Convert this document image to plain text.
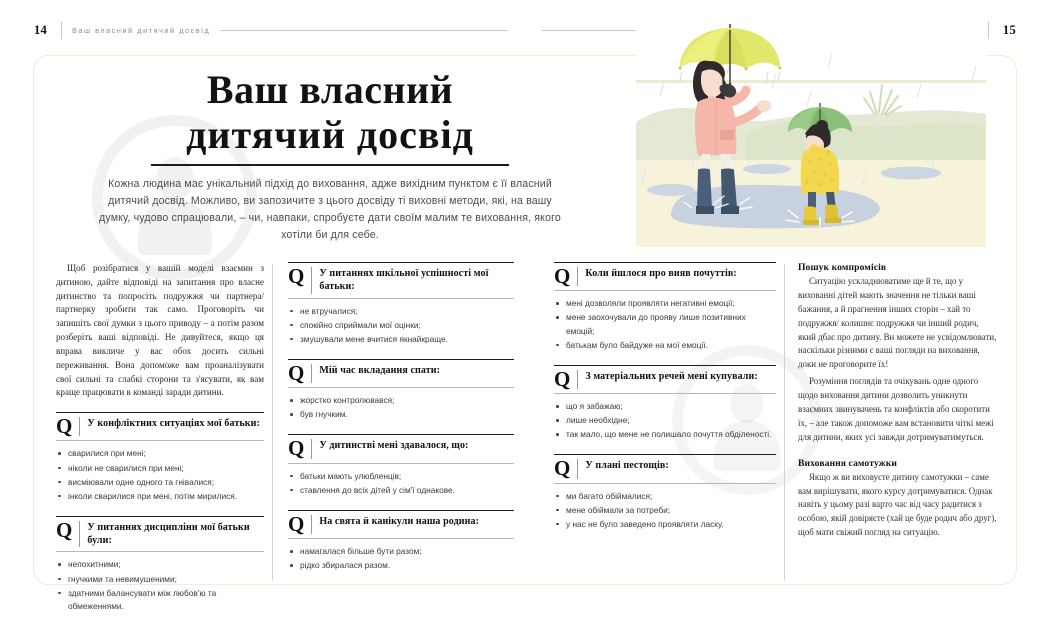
14	Ваш власний дитячий досвід	15
Ваш власний
дитячий досвід
Кожна людина має унікальний підхід до виховання, адже вихідним пунктом є її власний дитячий досвід. Можливо, ви запозичите з цього досвіду ті виховні методи, які, на вашу думку, чудово спрацювали, – чи, навпаки, спробуєте дати своїм малим те виховання, якого хотіли би для себе.

Щоб розібратися у вашій моделі взаємин з дитиною, дайте відповіді на запитання про власне дитинство та попросіть подружжя чи партнера/партнерку зробити так само. Проговоріть чи запишіть свої думки з цього приводу – а потім разом розберіть ваші відповіді. Не дивуйтеся, якщо ця вправа викличе у вас обох досить сильні переживання. Вона допоможе вам проаналізувати свої сильні та слабкі сторони та з'ясувати, як вам краще працювати в команді заради дитини.

Q	У конфліктних ситуаціях мої батьки:
сварилися при мені;
ніколи не сварилися при мені;
висміювали одне одного та гнівалися;
інколи сварилися при мені, потім мирилися.
Q	У питаннях дисципліни мої батьки були:
непохитними;
гнучкими та невимушеними;
здатними балансувати між любов'ю та обмеженнями.
Q	У питаннях шкільної успішності мої батьки:
не втручалися;
спокійно сприймали мої оцінки;
змушували мене вчитися якнайкраще.
Q	Мій час вкладання спати:
жорстко контролювався;
був гнучким.
Q	У дитинстві мені здавалося, що:
батьки мають улюбленців;
ставлення до всіх дітей у сім'ї однакове.
Q	На свята й канікули наша родина:
намагалася більше бути разом;
рідко збиралася разом.
Q	Коли йшлося про вияв почуттів:
мені дозволяли проявляти негативні емоції;
мене заохочували до прояву лише позитивних емоцій;
батькам було байдуже на мої емоції.
Q	З матеріальних речей мені купували:
що я забажаю;
лише необхідне;
так мало, що мене не полишало почуття обділеності.
Q	У плані пестощів:
ми багато обіймалися;
мене обіймали за потреби;
у нас не було заведено проявляти ласку.
Пошук компромісів

Ситуацію ускладнюватиме ще й те, що у вихованні дітей мають значення не тільки ваші бажання, а й прагнення інших сторін – хай то подружжя/ колишнє подружжя чи інший родич, який дбає про дитину. Ви можете не усвідомлювати, наскільки різними є ваші погляди на виховання, доки не проговорите їх!

Розуміння поглядів та очікувань одне одного щодо виховання дитини дозволить уникнути взаємних звинувачень та конфліктів або скоротити їх, – але також допоможе вам встановити чіткі межі для дитини, яких усі завжди дотримуватимуться.

Виховання самотужки

Якщо ж ви виховуєте дитину самотужки – саме вам вирішувати, якого курсу дотримуватися. Однак навіть у цьому разі варто час від часу радитися з особою, якій довіряєте (хай це буде родич або друг), щоб мати свіжий погляд на ситуацію.
